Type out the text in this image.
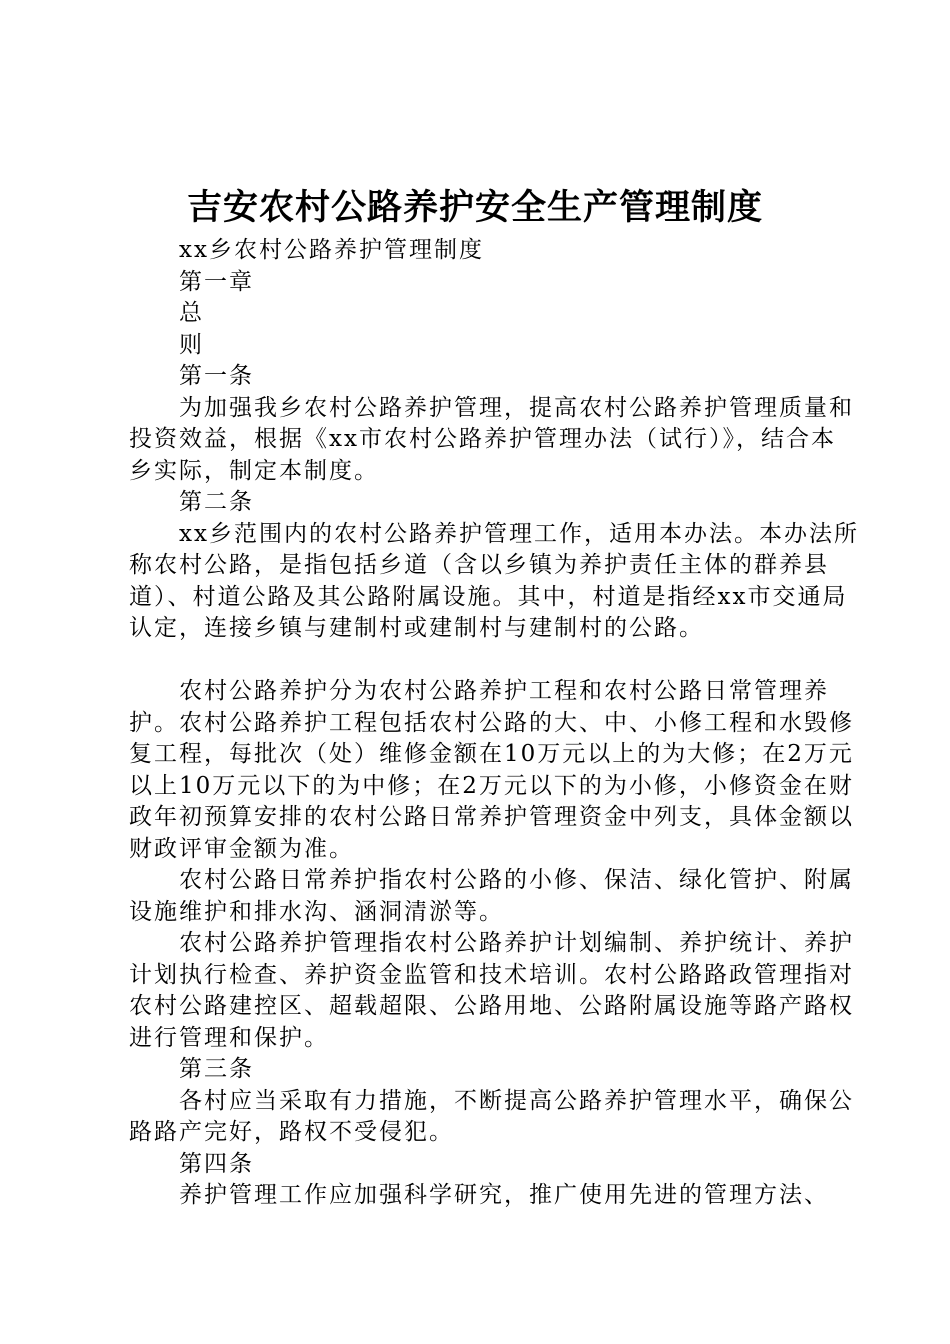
吉安农村公路养护安全生产管理制度

xx乡农村公路养护管理制度

第一章

总

则

第一条

为加强我乡农村公路养护管理，提高农村公路养护管理质量和投资效益，根据《xx市农村公路养护管理办法（试行）》，结合本乡实际，制定本制度。

第二条

xx乡范围内的农村公路养护管理工作，适用本办法。本办法所称农村公路，是指包括乡道（含以乡镇为养护责任主体的群养县道）、村道公路及其公路附属设施。其中，村道是指经xx市交通局认定，连接乡镇与建制村或建制村与建制村的公路。

农村公路养护分为农村公路养护工程和农村公路日常管理养护。农村公路养护工程包括农村公路的大、中、小修工程和水毁修复工程，每批次（处）维修金额在10万元以上的为大修；在2万元以上10万元以下的为中修；在2万元以下的为小修，小修资金在财政年初预算安排的农村公路日常养护管理资金中列支，具体金额以财政评审金额为准。

农村公路日常养护指农村公路的小修、保洁、绿化管护、附属设施维护和排水沟、涵洞清淤等。

农村公路养护管理指农村公路养护计划编制、养护统计、养护计划执行检查、养护资金监管和技术培训。农村公路路政管理指对农村公路建控区、超载超限、公路用地、公路附属设施等路产路权进行管理和保护。

第三条

各村应当采取有力措施，不断提高公路养护管理水平，确保公路路产完好，路权不受侵犯。

第四条

养护管理工作应加强科学研究，推广使用先进的管理方法、
